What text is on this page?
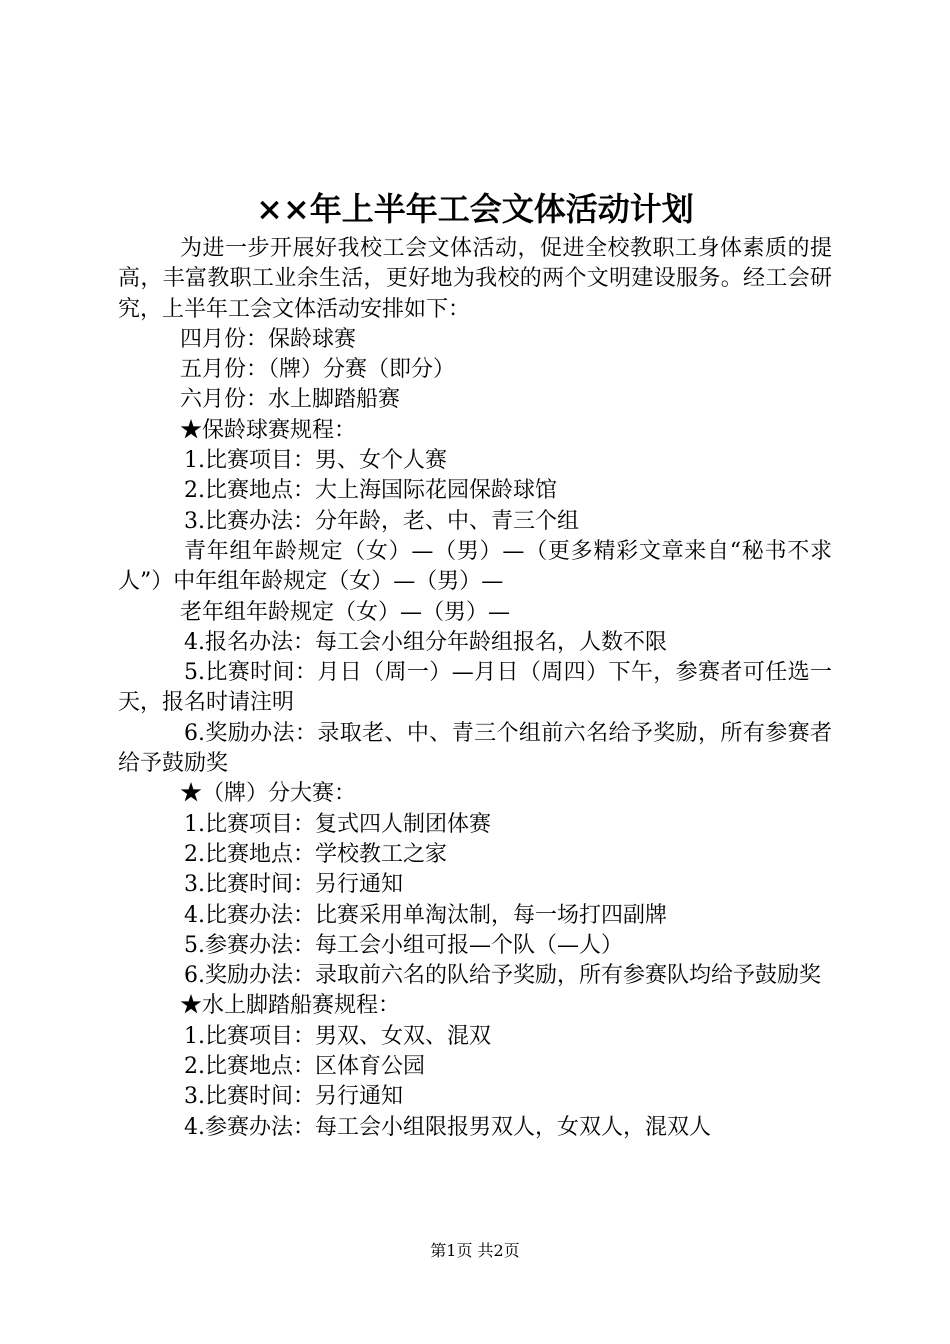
××年上半年工会文体活动计划

为进一步开展好我校工会文体活动，促进全校教职工身体素质的提高，丰富教职工业余生活，更好地为我校的两个文明建设服务。经工会研究，上半年工会文体活动安排如下：

四月份：保龄球赛

五月份：（牌）分赛（即分）

六月份：水上脚踏船赛

★保龄球赛规程：

1.比赛项目：男、女个人赛

2.比赛地点：大上海国际花园保龄球馆

3.比赛办法：分年龄，老、中、青三个组

青年组年龄规定（女）—（男）—（更多精彩文章来自“秘书不求人”）中年组年龄规定（女）—（男）—

老年组年龄规定（女）—（男）—

4.报名办法：每工会小组分年龄组报名，人数不限

5.比赛时间：月日（周一）—月日（周四）下午，参赛者可任选一天，报名时请注明

6.奖励办法：录取老、中、青三个组前六名给予奖励，所有参赛者给予鼓励奖

★（牌）分大赛：

1.比赛项目：复式四人制团体赛

2.比赛地点：学校教工之家

3.比赛时间：另行通知

4.比赛办法：比赛采用单淘汰制，每一场打四副牌

5.参赛办法：每工会小组可报—个队（—人）

6.奖励办法：录取前六名的队给予奖励，所有参赛队均给予鼓励奖

★水上脚踏船赛规程：

1.比赛项目：男双、女双、混双

2.比赛地点：区体育公园

3.比赛时间：另行通知

4.参赛办法：每工会小组限报男双人，女双人，混双人

第1页 共2页
